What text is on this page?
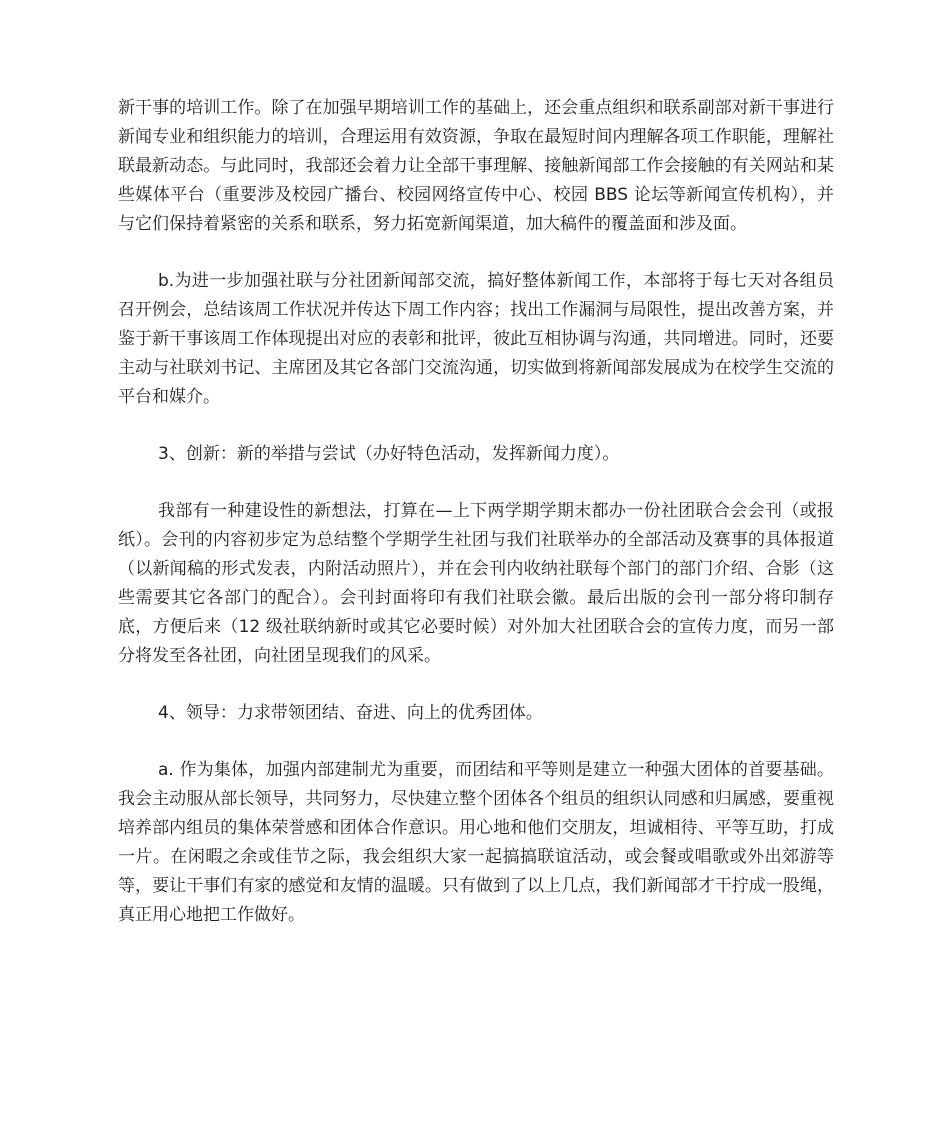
新干事的培训工作。除了在加强早期培训工作的基础上，还会重点组织和联系副部对新干事进行新闻专业和组织能力的培训，合理运用有效资源，争取在最短时间内理解各项工作职能，理解社联最新动态。与此同时，我部还会着力让全部干事理解、接触新闻部工作会接触的有关网站和某些媒体平台（重要涉及校园广播台、校园网络宣传中心、校园 BBS 论坛等新闻宣传机构），并与它们保持着紧密的关系和联系，努力拓宽新闻渠道，加大稿件的覆盖面和涉及面。

b.为进一步加强社联与分社团新闻部交流，搞好整体新闻工作，本部将于每七天对各组员召开例会，总结该周工作状况并传达下周工作内容；找出工作漏洞与局限性，提出改善方案，并鉴于新干事该周工作体现提出对应的表彰和批评，彼此互相协调与沟通，共同增进。同时，还要主动与社联刘书记、主席团及其它各部门交流沟通，切实做到将新闻部发展成为在校学生交流的平台和媒介。

3、创新：新的举措与尝试（办好特色活动，发挥新闻力度）。

我部有一种建设性的新想法，打算在—上下两学期学期末都办一份社团联合会会刊（或报纸）。会刊的内容初步定为总结整个学期学生社团与我们社联举办的全部活动及赛事的具体报道（以新闻稿的形式发表，内附活动照片），并在会刊内收纳社联每个部门的部门介绍、合影（这些需要其它各部门的配合）。会刊封面将印有我们社联会徽。最后出版的会刊一部分将印制存底，方便后来（12 级社联纳新时或其它必要时候）对外加大社团联合会的宣传力度，而另一部分将发至各社团，向社团呈现我们的风采。

4、领导：力求带领团结、奋进、向上的优秀团体。

a. 作为集体，加强内部建制尤为重要，而团结和平等则是建立一种强大团体的首要基础。我会主动服从部长领导，共同努力，尽快建立整个团体各个组员的组织认同感和归属感，要重视培养部内组员的集体荣誉感和团体合作意识。用心地和他们交朋友，坦诚相待、平等互助，打成一片。在闲暇之余或佳节之际，我会组织大家一起搞搞联谊活动，或会餐或唱歌或外出郊游等等，要让干事们有家的感觉和友情的温暖。只有做到了以上几点，我们新闻部才干拧成一股绳，真正用心地把工作做好。
